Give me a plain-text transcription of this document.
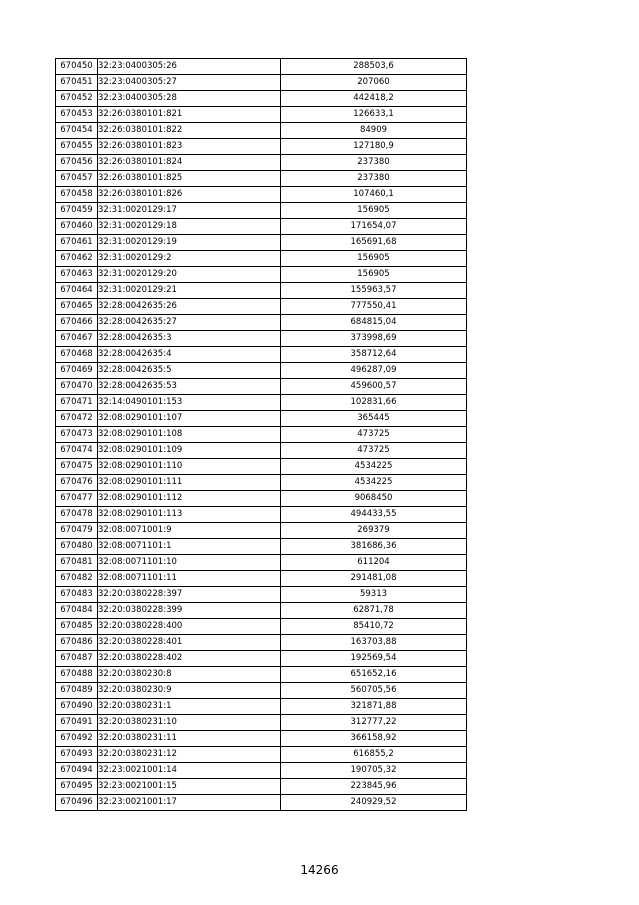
670450	32:23:0400305:26	288503,6
670451	32:23:0400305:27	207060
670452	32:23:0400305:28	442418,2
670453	32:26:0380101:821	126633,1
670454	32:26:0380101:822	84909
670455	32:26:0380101:823	127180,9
670456	32:26:0380101:824	237380
670457	32:26:0380101:825	237380
670458	32:26:0380101:826	107460,1
670459	32:31:0020129:17	156905
670460	32:31:0020129:18	171654,07
670461	32:31:0020129:19	165691,68
670462	32:31:0020129:2	156905
670463	32:31:0020129:20	156905
670464	32:31:0020129:21	155963,57
670465	32:28:0042635:26	777550,41
670466	32:28:0042635:27	684815,04
670467	32:28:0042635:3	373998,69
670468	32:28:0042635:4	358712,64
670469	32:28:0042635:5	496287,09
670470	32:28:0042635:53	459600,57
670471	32:14:0490101:153	102831,66
670472	32:08:0290101:107	365445
670473	32:08:0290101:108	473725
670474	32:08:0290101:109	473725
670475	32:08:0290101:110	4534225
670476	32:08:0290101:111	4534225
670477	32:08:0290101:112	9068450
670478	32:08:0290101:113	494433,55
670479	32:08:0071001:9	269379
670480	32:08:0071101:1	381686,36
670481	32:08:0071101:10	611204
670482	32:08:0071101:11	291481,08
670483	32:20:0380228:397	59313
670484	32:20:0380228:399	62871,78
670485	32:20:0380228:400	85410,72
670486	32:20:0380228:401	163703,88
670487	32:20:0380228:402	192569,54
670488	32:20:0380230:8	651652,16
670489	32:20:0380230:9	560705,56
670490	32:20:0380231:1	321871,88
670491	32:20:0380231:10	312777,22
670492	32:20:0380231:11	366158,92
670493	32:20:0380231:12	616855,2
670494	32:23:0021001:14	190705,32
670495	32:23:0021001:15	223845,96
670496	32:23:0021001:17	240929,52
14266
